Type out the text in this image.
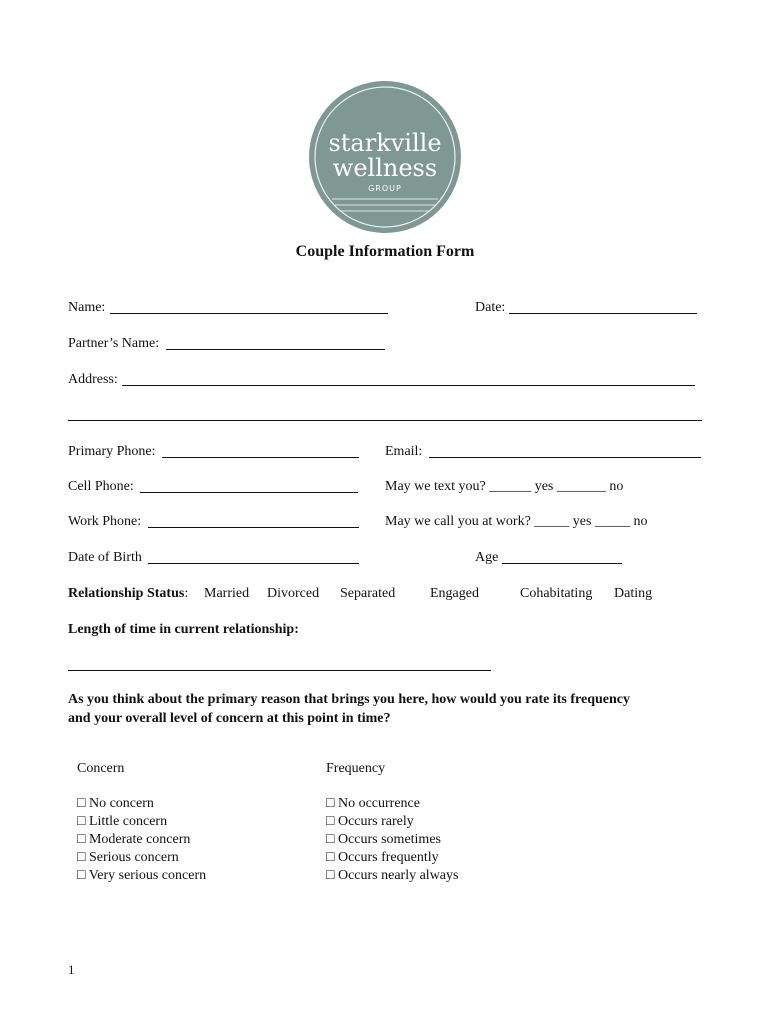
starkville
wellness
GROUP
Couple Information Form
Name:	Date:
Partner’s Name:
Address:
Primary Phone:	Email:
Cell Phone:	May we text you? ______ yes _______ no
Work Phone:	May we call you at work? _____ yes _____ no
Date of Birth	Age
Relationship Status: Married Divorced Separated Engaged	Cohabitating Dating
Length of time in current relationship:
As you think about the primary reason that brings you here, how would you rate its frequency
and your overall level of concern at this point in time?
Concern
□ No concern
□ Little concern
□ Moderate concern
□ Serious concern
□ Very serious concern
Frequency
□ No occurrence
□ Occurs rarely
□ Occurs sometimes
□ Occurs frequently
□ Occurs nearly always
1
